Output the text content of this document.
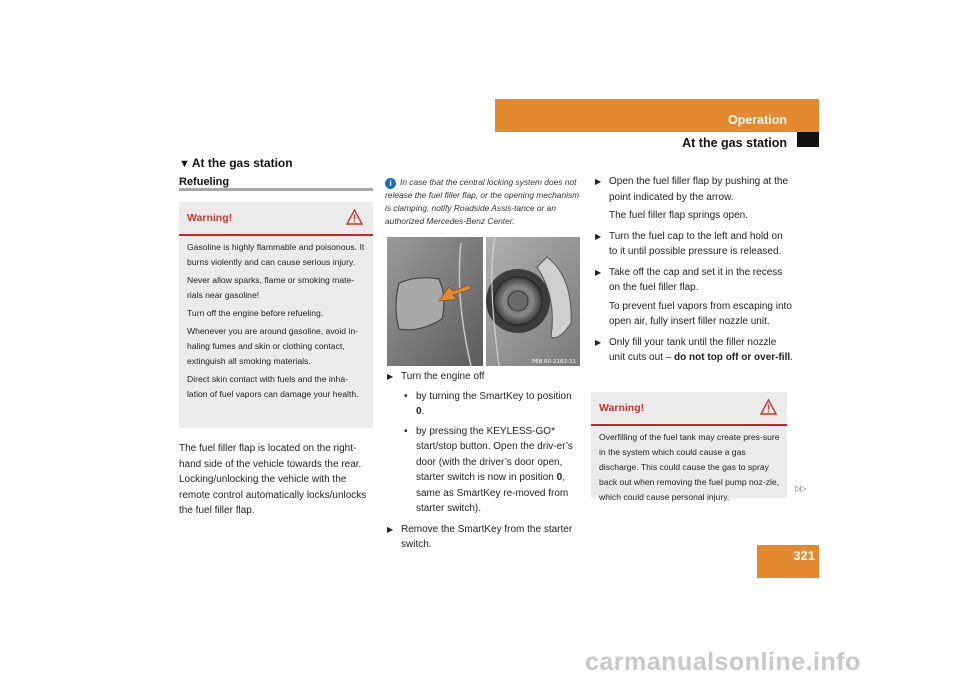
Operation
At the gas station
▼ At the gas station
Refueling
Warning!

Gasoline is highly flammable and poisonous. It burns violently and can cause serious injury.

Never allow sparks, flame or smoking mate-rials near gasoline!

Turn off the engine before refueling.

Whenever you are around gasoline, avoid in-haling fumes and skin or clothing contact, extinguish all smoking materials.

Direct skin contact with fuels and the inha-lation of fuel vapors can damage your health.

The fuel filler flap is located on the right-hand side of the vehicle towards the rear. Locking/unlocking the vehicle with the remote control automatically locks/unlocks the fuel filler flap.
i In case that the central locking system does not release the fuel filler flap, or the opening mechanism is clamping, notify Roadside Assis-tance or an authorized Mercedes-Benz Center.
P68.60-2163-31
▶ Turn the engine off
• by turning the SmartKey to position 0.
• by pressing the KEYLESS-GO* start/stop button. Open the driv-er’s door (with the driver’s door open, starter switch is now in position 0, same as SmartKey re-moved from starter switch).
▶ Remove the SmartKey from the starter switch.
▶ Open the fuel filler flap by pushing at the point indicated by the arrow.
The fuel filler flap springs open.
▶ Turn the fuel cap to the left and hold on to it until possible pressure is released.
▶ Take off the cap and set it in the recess on the fuel filler flap.
To prevent fuel vapors from escaping into open air, fully insert filler nozzle unit.
▶ Only fill your tank until the filler nozzle unit cuts out – do not top off or over-fill.
Warning!
Overfilling of the fuel tank may create pres-sure in the system which could cause a gas discharge. This could cause the gas to spray back out when removing the fuel pump noz-zle, which could cause personal injury.
▷▷
321
carmanualsonline.info
